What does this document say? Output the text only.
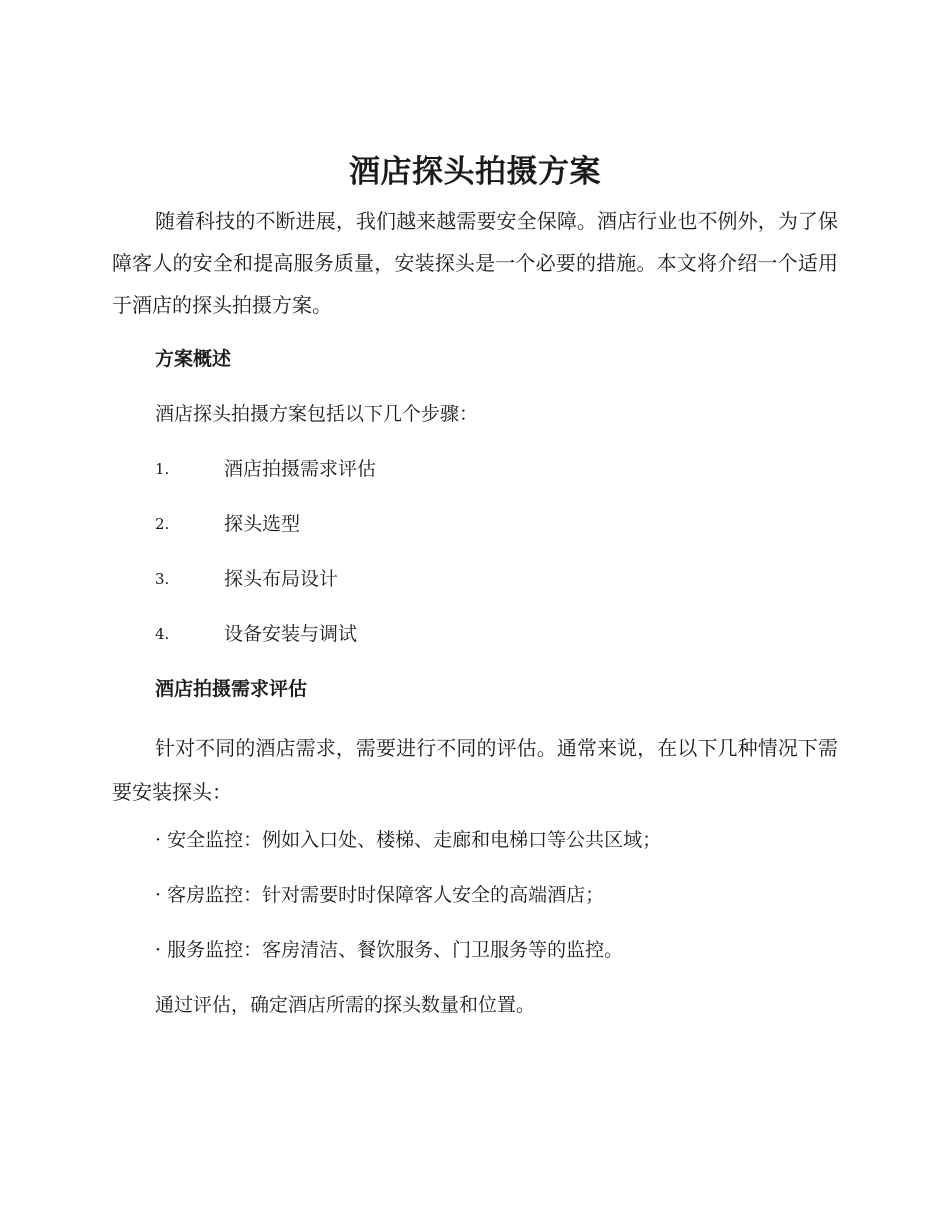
酒店探头拍摄方案
随着科技的不断进展，我们越来越需要安全保障。酒店行业也不例外，为了保障客人的安全和提高服务质量，安装探头是一个必要的措施。本文将介绍一个适用于酒店的探头拍摄方案。
方案概述
酒店探头拍摄方案包括以下几个步骤：
1.	酒店拍摄需求评估
2.	探头选型
3.	探头布局设计
4.	设备安装与调试
酒店拍摄需求评估
针对不同的酒店需求，需要进行不同的评估。通常来说，在以下几种情况下需要安装探头：
· 安全监控：例如入口处、楼梯、走廊和电梯口等公共区域；
· 客房监控：针对需要时时保障客人安全的高端酒店；
· 服务监控：客房清洁、餐饮服务、门卫服务等的监控。
通过评估，确定酒店所需的探头数量和位置。
